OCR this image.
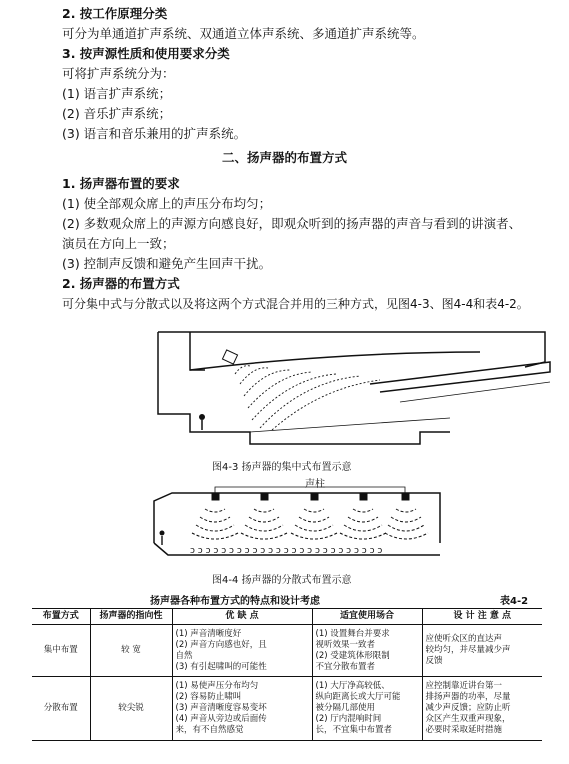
2. 按工作原理分类
可分为单通道扩声系统、双通道立体声系统、多通道扩声系统等。
3. 按声源性质和使用要求分类
可将扩声系统分为：
(1) 语言扩声系统；
(2) 音乐扩声系统；
(3) 语言和音乐兼用的扩声系统。
二、扬声器的布置方式
1. 扬声器布置的要求
(1) 使全部观众席上的声压分布均匀；
(2) 多数观众席上的声源方向感良好，即观众听到的扬声器的声音与看到的讲演者、
演员在方向上一致；
(3) 控制声反馈和避免产生回声干扰。
2. 扬声器的布置方式
可分集中式与分散式以及将这两个方式混合并用的三种方式，见图4-3、图4-4和表4-2。
图4-3 扬声器的集中式布置示意
ᴐ ᴐ ᴐ ᴐ ᴐ ᴐ ᴐ ᴐ ᴐ ᴐ ᴐ ᴐ ᴐ ᴐ ᴐ ᴐ ᴐ ᴐ ᴐ ᴐ ᴐ ᴐ ᴐ ᴐ ᴐ
声柱
图4-4 扬声器的分散式布置示意
扬声器各种布置方式的特点和设计考虑	表4-2
布置方式	扬声器的指向性	优 缺 点	适宜使用场合	设 计 注 意 点
集中布置	较 宽	(1) 声音清晰度好
(2) 声音方向感也好，且
自然
(3) 有引起啸叫的可能性	(1) 设置舞台并要求
视听效果一致者
(2) 受建筑体形限制
不宜分散布置者	应使听众区的直达声
较均匀，并尽量减少声
反馈

分散布置	较尖锐	(1) 易使声压分布均匀
(2) 容易防止啸叫
(3) 声音清晰度容易变坏
(4) 声音从旁边或后面传
来，有不自然感觉	(1) 大厅净高较低、
纵向距离长或大厅可能
被分隔几部使用
(2) 厅内混响时间
长，不宜集中布置者	应控制靠近讲台第一
排扬声器的功率，尽量
减少声反馈；应防止听
众区产生双重声现象，
必要时采取延时措施
